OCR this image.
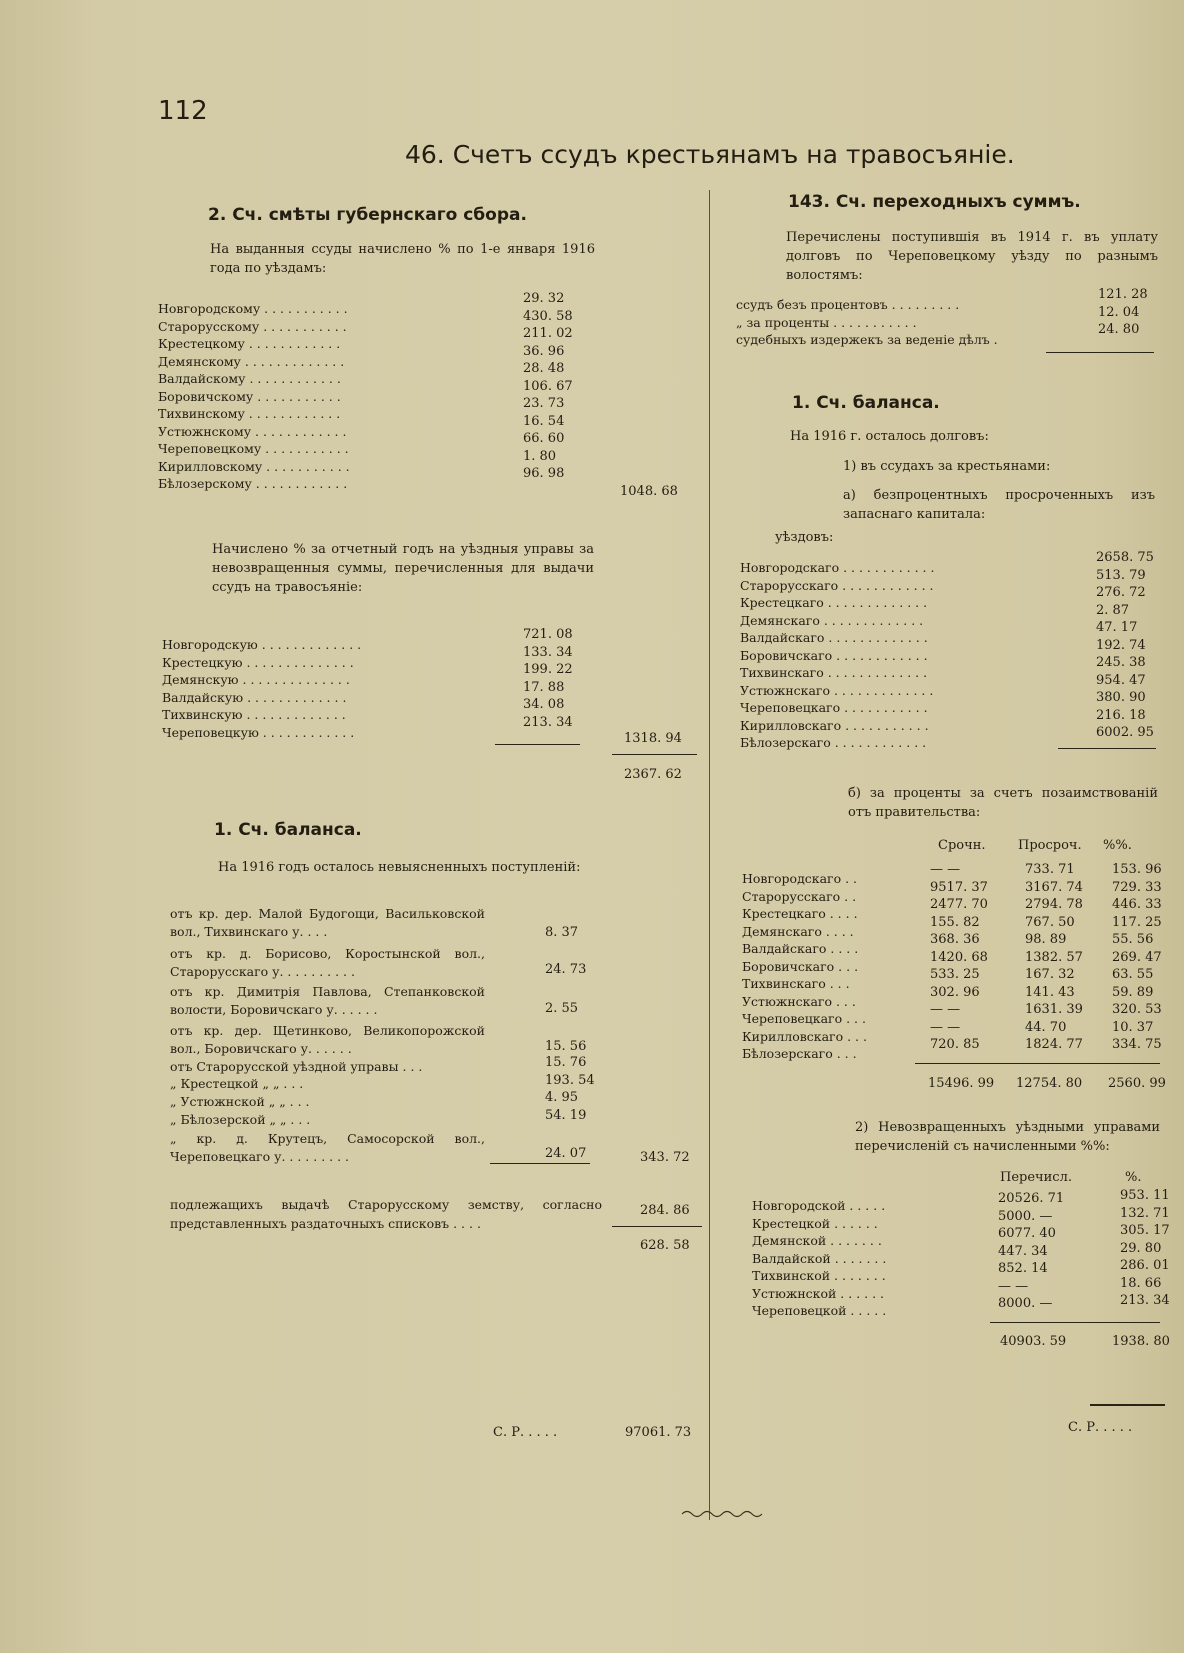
112
46. Счетъ ссудъ крестьянамъ на травосъяніе.
2. Сч. смѣты губернскаго сбора.
На выданныя ссуды начислено % по 1-е января 1916 года по уѣздамъ:
Новгородскому . . . . . . . . . . .
29. 32
Старорусскому . . . . . . . . . . .
430. 58
Крестецкому . . . . . . . . . . . .
211. 02
Демянскому . . . . . . . . . . . . .
36. 96
Валдайскому . . . . . . . . . . . .
28. 48
Боровичскому . . . . . . . . . . .
106. 67
Тихвинскому . . . . . . . . . . . .
23. 73
Устюжнскому . . . . . . . . . . . .
16. 54
Череповецкому . . . . . . . . . . .
66. 60
Кирилловскому . . . . . . . . . . .
1. 80
Бѣлозерскому . . . . . . . . . . . .
96. 98
1048. 68
Начислено % за отчетный годъ на уѣздныя управы за невозвращенныя суммы, перечисленныя для выдачи ссудъ на травосъяніе:
Новгородскую . . . . . . . . . . . . .
721. 08
Крестецкую . . . . . . . . . . . . . .
133. 34
Демянскую . . . . . . . . . . . . . .
199. 22
Валдайскую . . . . . . . . . . . . .
17. 88
Тихвинскую . . . . . . . . . . . . .
34. 08
Череповецкую . . . . . . . . . . . .
213. 34
1318. 94
2367. 62
1. Сч. баланса.
На 1916 годъ осталось невыясненныхъ поступленій:
отъ кр. дер. Малой Будогощи, Васильковской вол., Тихвинскаго у. . . .	8. 37
отъ кр. д. Борисово, Коростынской вол., Старорусскаго у. . . . . . . . . .	24. 73
отъ кр. Димитрія Павлова, Степанковской волости, Боровичскаго у. . . . . .	2. 55
отъ кр. дер. Щетинково, Великопорожской вол., Боровичскаго у. . . . . .	15. 56
отъ Старорусской уѣздной управы . . .	15. 76
„ Крестецкой „ „ . . .	193. 54
„ Устюжнской „ „ . . .	4. 95
„ Бѣлозерской „ „ . . .	54. 19
„ кр. д. Крутецъ, Самосорской вол., Череповецкаго у. . . . . . . . .	24. 07	343. 72
подлежащихъ выдачѣ Старорусскому земству, согласно представленныхъ раздаточныхъ списковъ . . . .
284. 86
628. 58
С. Р. . . . .	97061. 73
143. Сч. переходныхъ суммъ.
Перечислены поступившія въ 1914 г. въ уплату долговъ по Череповецкому уѣзду по разнымъ волостямъ:
ссудъ безъ процентовъ . . . . . . . . .
121. 28
„ за проценты . . . . . . . . . . .
12. 04
судебныхъ издержекъ за веденіе дѣлъ .
24. 80
1. Сч. баланса.
На 1916 г. осталось долговъ:
1) въ ссудахъ за крестьянами:
а) безпроцентныхъ просроченныхъ изъ запаснаго капитала:
уѣздовъ:
Новгородскаго . . . . . . . . . . . .
2658. 75
Старорусскаго . . . . . . . . . . . .
513. 79
Крестецкаго . . . . . . . . . . . . .
276. 72
Демянскаго . . . . . . . . . . . . .
2. 87
Валдайскаго . . . . . . . . . . . . .
47. 17
Боровичскаго . . . . . . . . . . . .
192. 74
Тихвинскаго . . . . . . . . . . . . .
245. 38
Устюжнскаго . . . . . . . . . . . . .
954. 47
Череповецкаго . . . . . . . . . . .
380. 90
Кирилловскаго . . . . . . . . . . .
216. 18
Бѣлозерскаго . . . . . . . . . . . .
6002. 95
б) за проценты за счетъ позаимствованій отъ правительства:
Срочн.	Просроч. %%.
Новгородскаго . .
— —	733. 71	153. 96
Старорусскаго . .
9517. 37	3167. 74 729. 33
Крестецкаго . . . .
2477. 70	2794. 78 446. 33
Демянскаго . . . .
155. 82	767. 50	117. 25
Валдайскаго . . . .
368. 36	98. 89	55. 56
Боровичскаго . . .
1420. 68	1382. 57 269. 47
Тихвинскаго . . .
533. 25	167. 32	63. 55
Устюжнскаго . . .
302. 96	141. 43	59. 89
Череповецкаго . . .
— —	1631. 39 320. 53
Кирилловскаго . . .
— —	44. 70	10. 37
Бѣлозерскаго . . .
720. 85	1824. 77 334. 75
15496. 99 12754. 80 2560. 99
2) Невозвращенныхъ уѣздными управами перечисленій съ начисленными %%:
Перечисл.	%.
Новгородской . . . . .	20526. 71	953. 11
Крестецкой . . . . . .	5000. —	132. 71
Демянской . . . . . . .	6077. 40	305. 17
Валдайской . . . . . . .	447. 34	29. 80
Тихвинской . . . . . . .	852. 14	286. 01
Устюжнской . . . . . .	— —	18. 66
Череповецкой . . . . .	8000. —	213. 34
40903. 59	1938. 80
С. Р. . . . .
